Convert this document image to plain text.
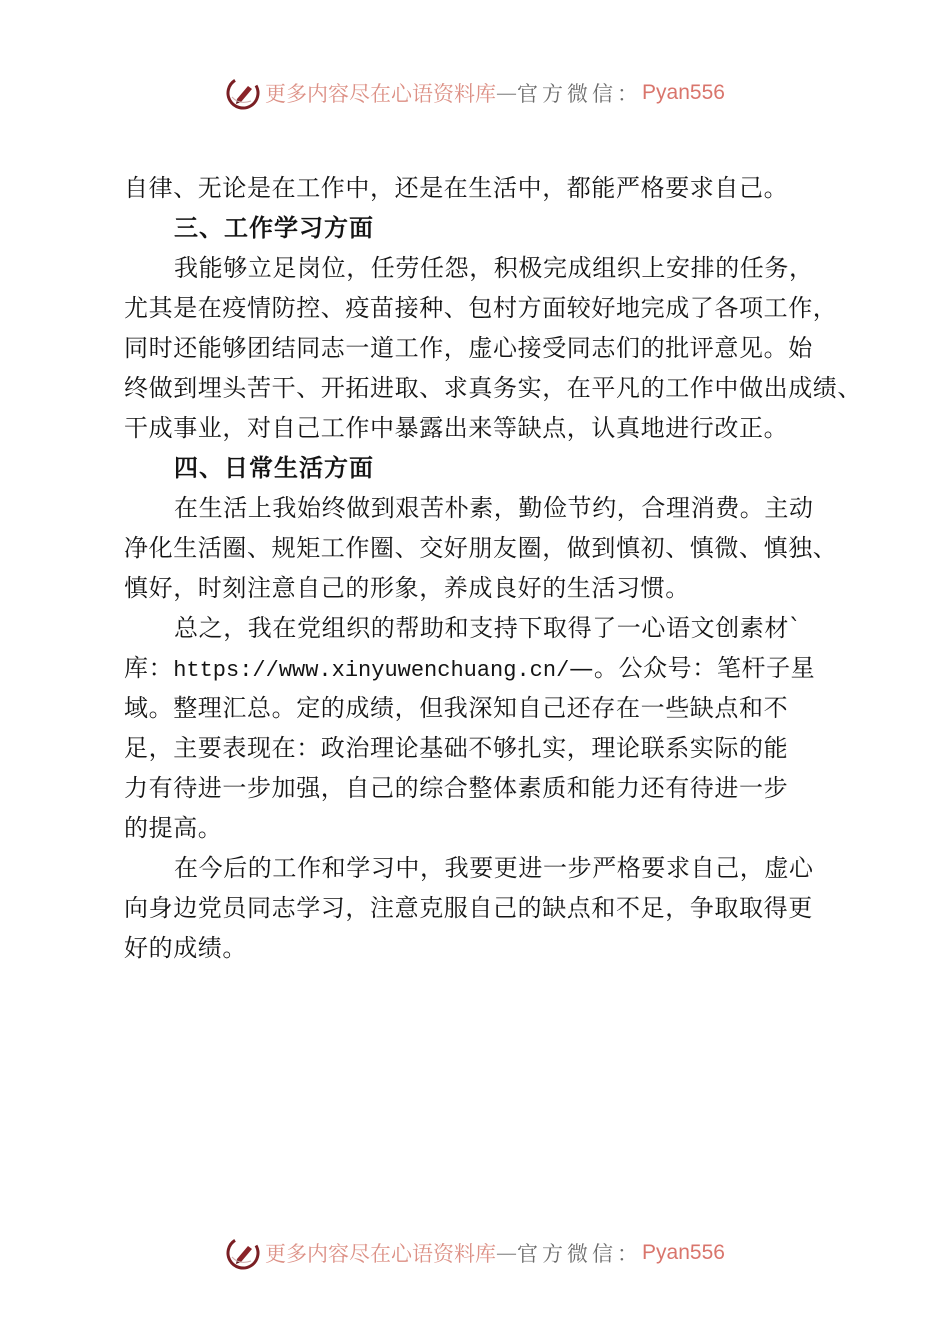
更多内容尽在心语资料库 — 官方微信： Pyan556
自律、无论是在工作中，还是在生活中，都能严格要求自己。
三、工作学习方面
我能够立足岗位，任劳任怨，积极完成组织上安排的任务，
尤其是在疫情防控、疫苗接种、包村方面较好地完成了各项工作，
同时还能够团结同志一道工作，虚心接受同志们的批评意见。始
终做到埋头苦干、开拓进取、求真务实，在平凡的工作中做出成绩、
干成事业，对自己工作中暴露出来等缺点，认真地进行改正。
四、日常生活方面
在生活上我始终做到艰苦朴素，勤俭节约，合理消费。主动
净化生活圈、规矩工作圈、交好朋友圈，做到慎初、慎微、慎独、
慎好，时刻注意自己的形象，养成良好的生活习惯。
总之，我在党组织的帮助和支持下取得了一心语文创素材`
库：https://www.xinyuwenchuang.cn/—。公众号：笔杆子星
域。整理汇总。定的成绩，但我深知自己还存在一些缺点和不
足，主要表现在：政治理论基础不够扎实，理论联系实际的能
力有待进一步加强，自己的综合整体素质和能力还有待进一步
的提高。
在今后的工作和学习中，我要更进一步严格要求自己，虚心
向身边党员同志学习，注意克服自己的缺点和不足，争取取得更
好的成绩。
更多内容尽在心语资料库 — 官方微信： Pyan556
